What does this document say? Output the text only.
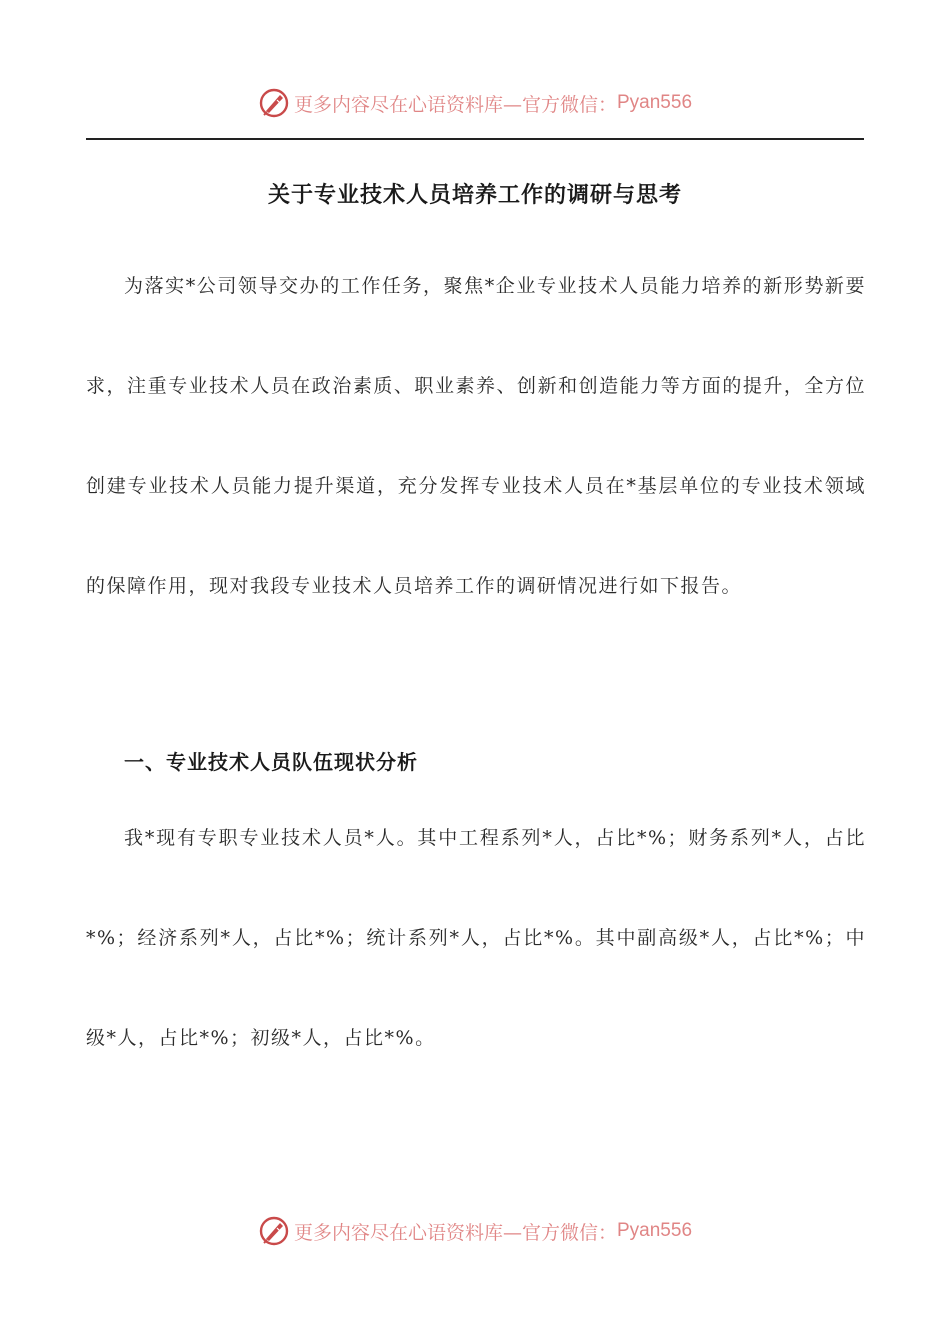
更多内容尽在心语资料库—官方微信： Pyan556
关于专业技术人员培养工作的调研与思考

为落实*公司领导交办的工作任务，聚焦*企业专业技术人员能力培养的新形势新要求，注重专业技术人员在政治素质、职业素养、创新和创造能力等方面的提升，全方位创建专业技术人员能力提升渠道，充分发挥专业技术人员在*基层单位的专业技术领域的保障作用，现对我段专业技术人员培养工作的调研情况进行如下报告。

一、专业技术人员队伍现状分析

我*现有专职专业技术人员*人。其中工程系列*人，占比*%；财务系列*人，占比*%；经济系列*人，占比*%；统计系列*人，占比*%。其中副高级*人，占比*%；中级*人，占比*%；初级*人，占比*%。

更多内容尽在心语资料库—官方微信： Pyan556
